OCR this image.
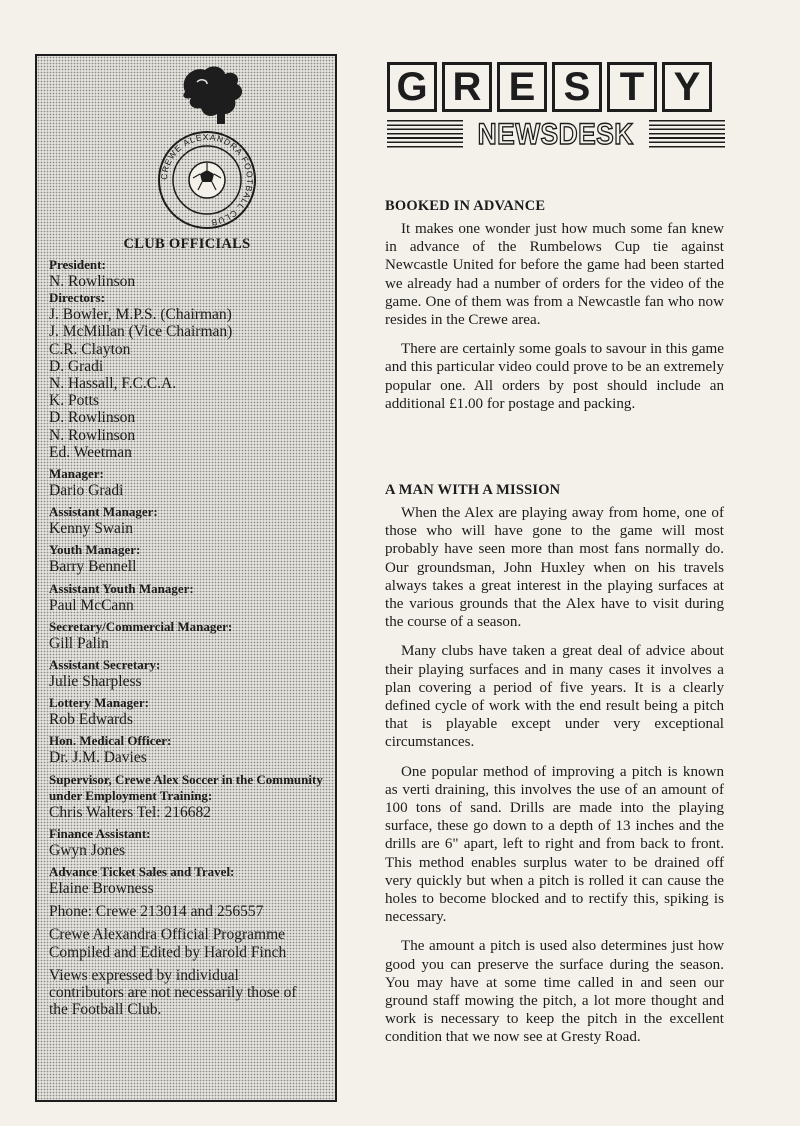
CREWE ALEXANDRA FOOTBALL CLUB
CLUB OFFICIALS
President:
N. Rowlinson
Directors:
J. Bowler, M.P.S. (Chairman)
J. McMillan (Vice Chairman)
C.R. Clayton
D. Gradi
N. Hassall, F.C.C.A.
K. Potts
D. Rowlinson
N. Rowlinson
Ed. Weetman
Manager:
Dario Gradi
Assistant Manager:
Kenny Swain
Youth Manager:
Barry Bennell
Assistant Youth Manager:
Paul McCann
Secretary/Commercial Manager:
Gill Palin
Assistant Secretary:
Julie Sharpless
Lottery Manager:
Rob Edwards
Hon. Medical Officer:
Dr. J.M. Davies
Supervisor, Crewe Alex Soccer in the Community under Employment Training:
Chris Walters Tel: 216682
Finance Assistant:
Gwyn Jones
Advance Ticket Sales and Travel:
Elaine Browness
Phone: Crewe 213014 and 256557
Crewe Alexandra Official Programme
Compiled and Edited by Harold Finch
Views expressed by individual
contributors are not necessarily those of
the Football Club.
G R E S T Y
NEWSDESK
BOOKED IN ADVANCE

It makes one wonder just how much some fan knew in advance of the Rumbelows Cup tie against Newcastle United for before the game had been started we already had a number of orders for the video of the game. One of them was from a Newcastle fan who now resides in the Crewe area.

There are certainly some goals to savour in this game and this particular video could prove to be an extremely popular one. All orders by post should include an additional £1.00 for postage and packing.

A MAN WITH A MISSION

When the Alex are playing away from home, one of those who will have gone to the game will most probably have seen more than most fans normally do. Our groundsman, John Huxley when on his travels always takes a great interest in the playing surfaces at the various grounds that the Alex have to visit during the course of a season.

Many clubs have taken a great deal of advice about their playing surfaces and in many cases it involves a plan covering a period of five years. It is a clearly defined cycle of work with the end result being a pitch that is playable except under very exceptional circumstances.

One popular method of improving a pitch is known as verti draining, this involves the use of an amount of 100 tons of sand. Drills are made into the playing surface, these go down to a depth of 13 inches and the drills are 6" apart, left to right and from back to front. This method enables surplus water to be drained off very quickly but when a pitch is rolled it can cause the holes to become blocked and to rectify this, spiking is necessary.

The amount a pitch is used also determines just how good you can preserve the surface during the season. You may have at some time called in and seen our ground staff mowing the pitch, a lot more thought and work is necessary to keep the pitch in the excellent condition that we now see at Gresty Road.
